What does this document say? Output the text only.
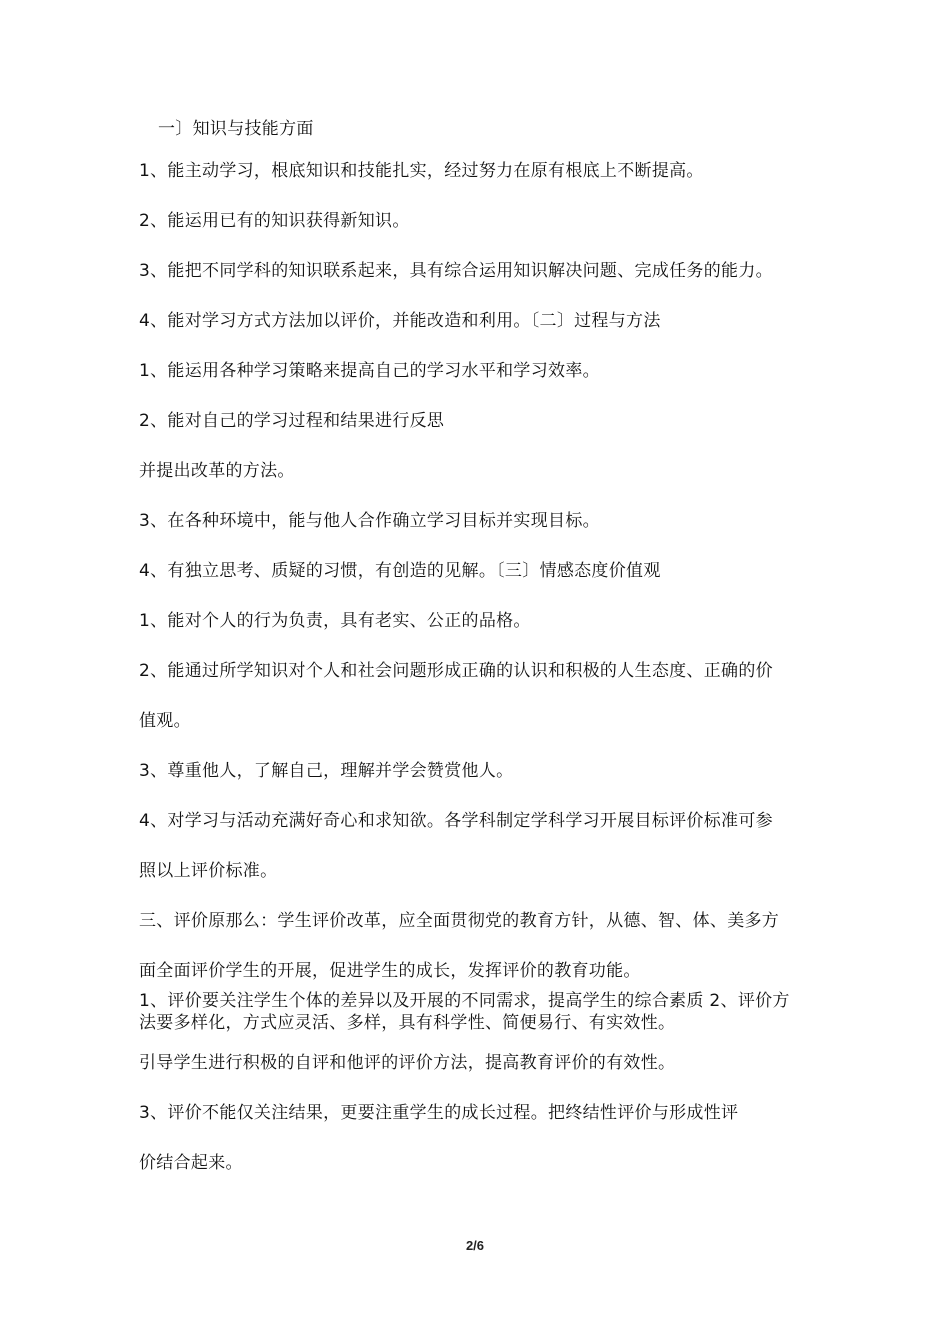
一〕知识与技能方面
1、能主动学习，根底知识和技能扎实，经过努力在原有根底上不断提高。
2、能运用已有的知识获得新知识。
3、能把不同学科的知识联系起来，具有综合运用知识解决问题、完成任务的能力。
4、能对学习方式方法加以评价，并能改造和利用。〔二〕过程与方法
1、能运用各种学习策略来提高自己的学习水平和学习效率。
2、能对自己的学习过程和结果进行反思
并提出改革的方法。
3、在各种环境中，能与他人合作确立学习目标并实现目标。
4、有独立思考、质疑的习惯，有创造的见解。〔三〕情感态度价值观
1、能对个人的行为负责，具有老实、公正的品格。
2、能通过所学知识对个人和社会问题形成正确的认识和积极的人生态度、正确的价
值观。
3、尊重他人，了解自己，理解并学会赞赏他人。
4、对学习与活动充满好奇心和求知欲。各学科制定学科学习开展目标评价标准可参
照以上评价标准。
三、评价原那么：学生评价改革，应全面贯彻党的教育方针，从德、智、体、美多方
面全面评价学生的开展，促进学生的成长，发挥评价的教育功能。
1、评价要关注学生个体的差异以及开展的不同需求，提高学生的综合素质 2、评价方法要多样化，方式应灵活、多样，具有科学性、简便易行、有实效性。
引导学生进行积极的自评和他评的评价方法，提高教育评价的有效性。
3、评价不能仅关注结果，更要注重学生的成长过程。把终结性评价与形成性评
价结合起来。
2/6
